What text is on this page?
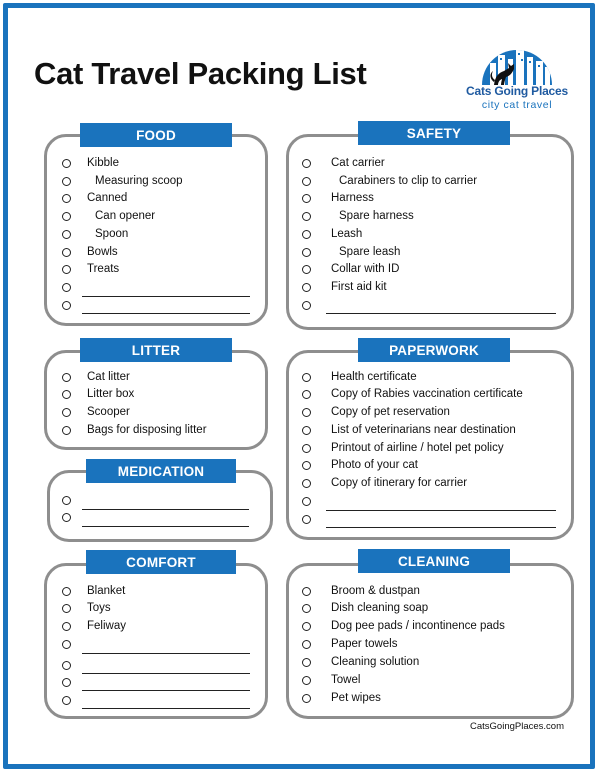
Cat Travel Packing List	Cats Going Places
city cat travel
FOOD
Kibble
Measuring scoop
Canned
Can opener
Spoon
Bowls
Treats
LITTER
Cat litter
Litter box
Scooper
Bags for disposing litter
MEDICATION
COMFORT
Blanket
Toys
Feliway
SAFETY
Cat carrier
Carabiners to clip to carrier
Harness
Spare harness
Leash
Spare leash
Collar with ID
First aid kit
PAPERWORK
Health certificate
Copy of Rabies vaccination certificate
Copy of pet reservation
List of veterinarians near destination
Printout of airline / hotel pet policy
Photo of your cat
Copy of itinerary for carrier
CLEANING
Broom & dustpan
Dish cleaning soap
Dog pee pads / incontinence pads
Paper towels
Cleaning solution
Towel
Pet wipes
CatsGoingPlaces.com
